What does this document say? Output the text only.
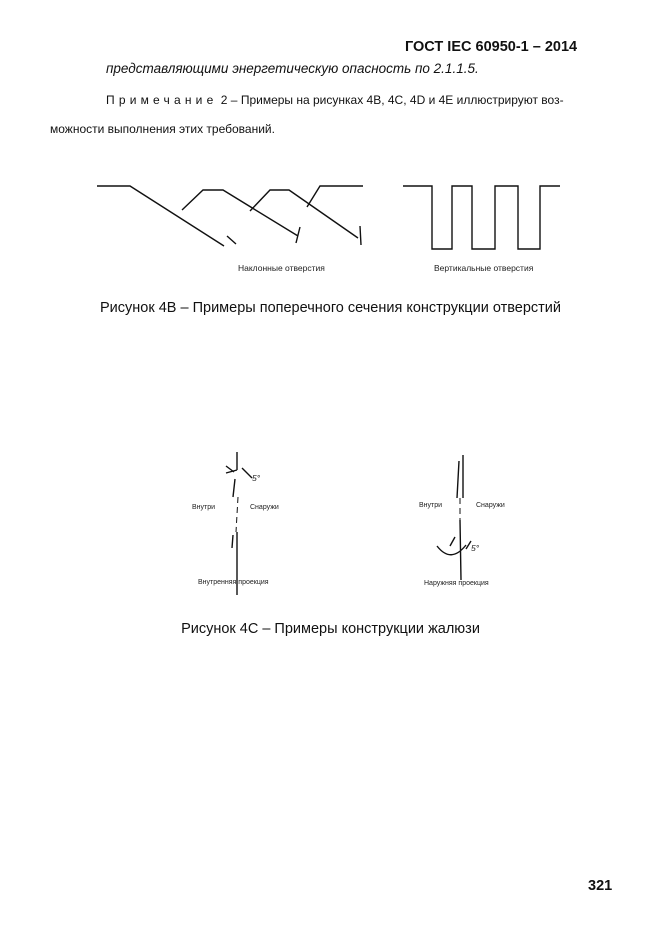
ГОСТ IEC 60950-1 – 2014
представляющими энергетическую опасность по 2.1.1.5.
Примечание 2 – Примеры на рисунках 4B, 4C, 4D и 4E иллюстрируют воз-
можности выполнения этих требований.
Наклонные отверстия	Вертикальные отверстия
Внутри	Снаружи
5°
Внутренняя проекция
Внутри	Снаружи
5°
Наружняя проекция
Рисунок 4B – Примеры поперечного сечения конструкции отверстий
Рисунок 4C – Примеры конструкции жалюзи
321
